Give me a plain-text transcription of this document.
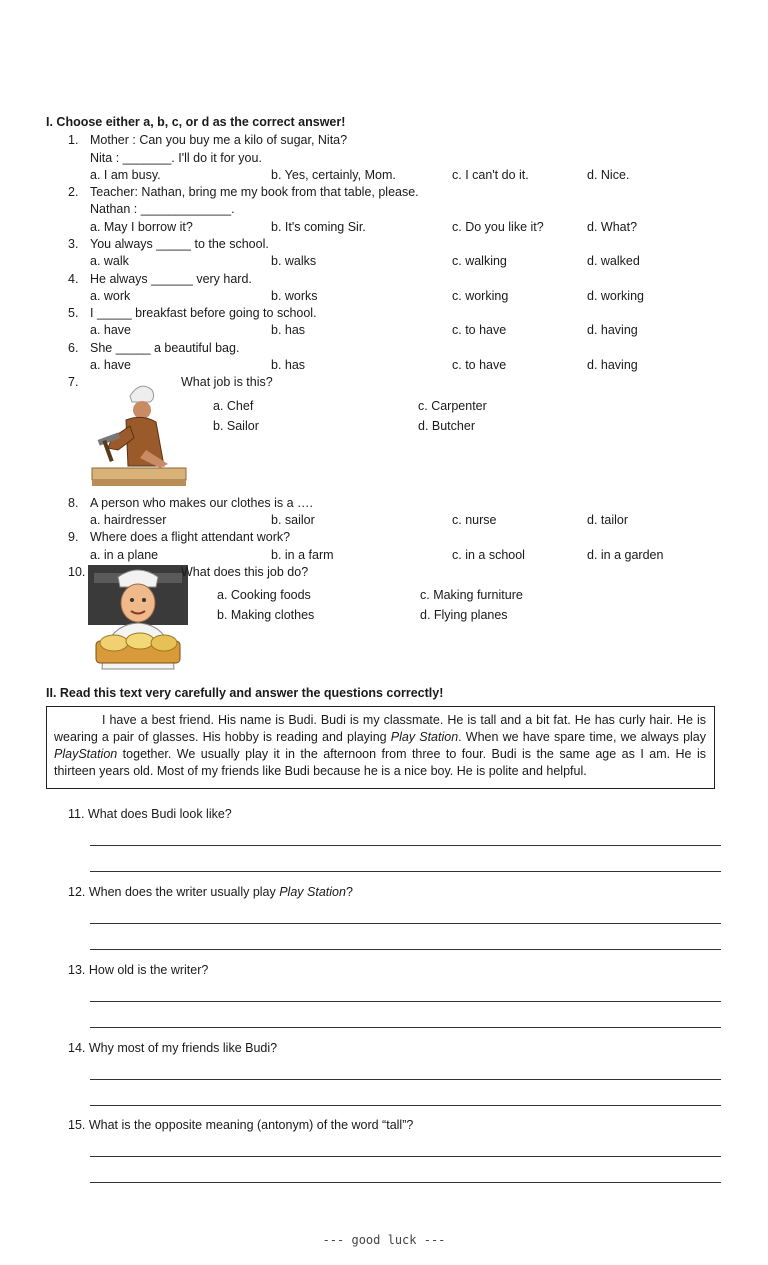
I. Choose either a, b, c, or d as the correct answer!
1. Mother : Can you buy me a kilo of sugar, Nita?
Nita : _______. I'll do it for you.
a. I am busy.	b. Yes, certainly, Mom.	c. I can't do it.	d. Nice.
2. Teacher: Nathan, bring me my book from that table, please.
Nathan : _____________.
a. May I borrow it?	b. It's coming Sir.	c. Do you like it?	d. What?
3. You always _____ to the school.
a. walk	b. walks	c. walking	d. walked
4. He always ______ very hard.
a. work	b. works	c. working	d. working
5. I _____ breakfast before going to school.
a. have	b. has	c. to have	d. having
6. She _____ a beautiful bag.
a. have	b. has	c. to have	d. having
7.	What job is this?
a. Chef	c. Carpenter
b. Sailor	d. Butcher
8. A person who makes our clothes is a ….
a. hairdresser	b. sailor	c. nurse	d. tailor
9. Where does a flight attendant work?
a. in a plane	b. in a farm	c. in a school	d. in a garden
10.	What does this job do?
a. Cooking foods	c. Making furniture
b. Making clothes	d. Flying planes
II. Read this text very carefully and answer the questions correctly!
I have a best friend. His name is Budi. Budi is my classmate. He is tall and a bit fat. He has curly hair. He is wearing a pair of glasses. His hobby is reading and playing Play Station. When we have spare time, we always play PlayStation together. We usually play it in the afternoon from three to four. Budi is the same age as I am. He is thirteen years old. Most of my friends like Budi because he is a nice boy. He is polite and helpful.
11. What does Budi look like?
12. When does the writer usually play Play Station?
13. How old is the writer?
14. Why most of my friends like Budi?
15. What is the opposite meaning (antonym) of the word “tall”?
--- good luck ---
